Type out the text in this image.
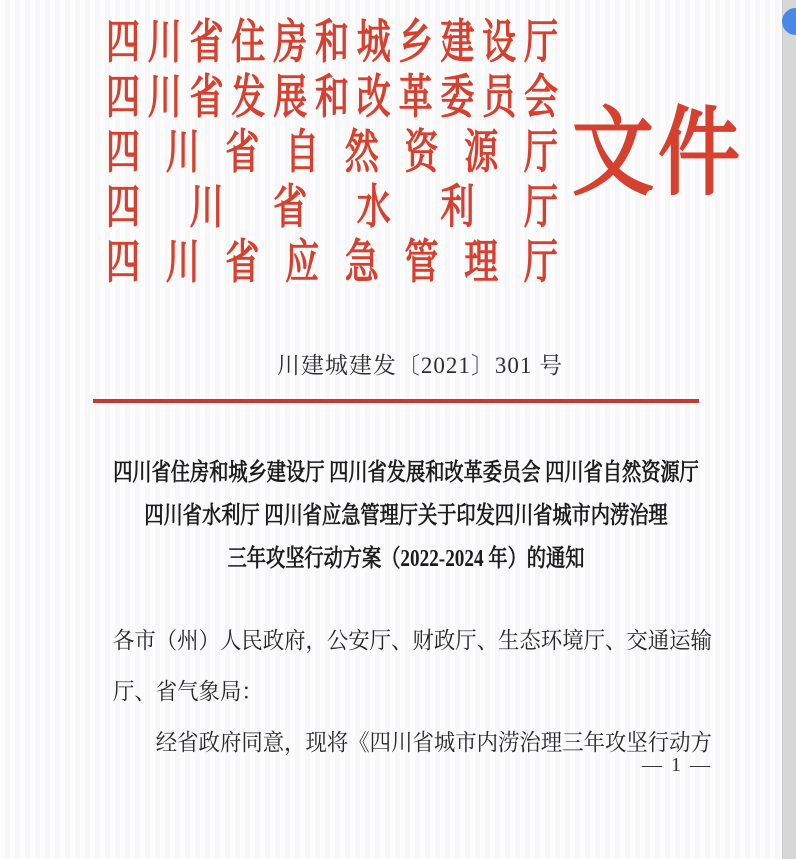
四 川 省 住 房 和 城 乡 建 设 厅
四 川 省 发 展 和 改 革 委 员 会
四 川 省 自 然 资 源 厅
四 川 省 水 利 厅
四 川 省 应 急 管 理 厅
文件
川建城建发〔2021〕301 号
四川省住房和城乡建设厅 四川省发展和改革委员会 四川省自然资源厅
四川省水利厅 四川省应急管理厅关于印发四川省城市内涝治理
三年攻坚行动方案（2022-2024 年）的通知
各市（州）人民政府，公安厅、财政厅、生态环境厅、交通运输
厅、省气象局：
经省政府同意，现将《四川省城市内涝治理三年攻坚行动方
— 1 —
